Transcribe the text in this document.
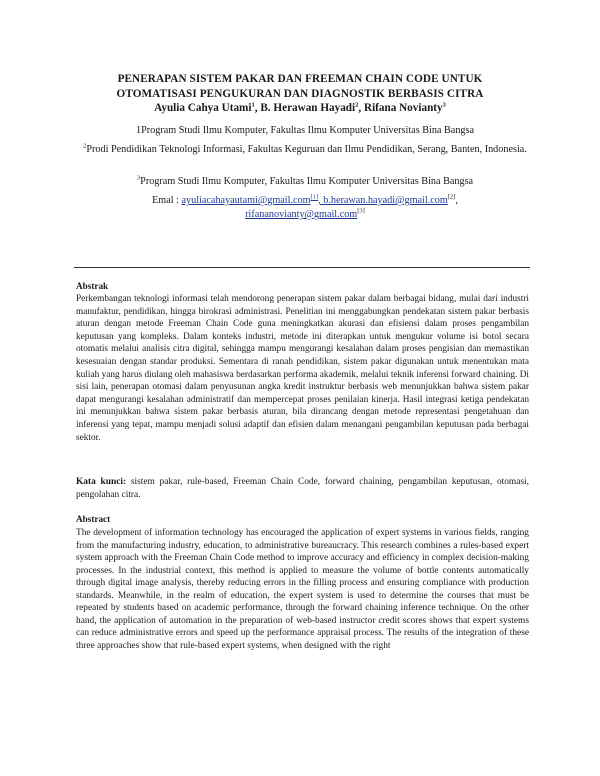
PENERAPAN SISTEM PAKAR DAN FREEMAN CHAIN CODE UNTUK
OTOMATISASI PENGUKURAN DAN DIAGNOSTIK BERBASIS CITRA
Ayulia Cahya Utami$^1$, B. Herawan Hayadi$^2$, Rifana Novianty$^3$
1Program Studi Ilmu Komputer, Fakultas Ilmu Komputer Universitas Bina Bangsa
$^2$Prodi Pendidikan Teknologi Informasi, Fakultas Keguruan dan Ilmu Pendidikan, Serang, Banten, Indonesia.
$^3$Program Studi Ilmu Komputer, Fakultas Ilmu Komputer Universitas Bina Bangsa
Emal : ayuliacahayautami@gmail.com[1], b.herawan.hayadi@gmail.com[2],
rifananovianty@gmail.com[3]
Abstrak
Perkembangan teknologi informasi telah mendorong penerapan sistem pakar dalam berbagai bidang, mulai dari industri manufaktur, pendidikan, hingga birokrasi administrasi. Penelitian ini menggabungkan pendekatan sistem pakar berbasis aturan dengan metode Freeman Chain Code guna meningkatkan akurasi dan efisiensi dalam proses pengambilan keputusan yang kompleks. Dalam konteks industri, metode ini diterapkan untuk mengukur volume isi botol secara otomatis melalui analisis citra digital, sehingga mampu mengurangi kesalahan dalam proses pengisian dan memastikan kesesuaian dengan standar produksi. Sementara di ranah pendidikan, sistem pakar digunakan untuk menentukan mata kuliah yang harus diulang oleh mahasiswa berdasarkan performa akademik, melalui teknik inferensi forward chaining. Di sisi lain, penerapan otomasi dalam penyusunan angka kredit instruktur berbasis web menunjukkan bahwa sistem pakar dapat mengurangi kesalahan administratif dan mempercepat proses penilaian kinerja. Hasil integrasi ketiga pendekatan ini menunjukkan bahwa sistem pakar berbasis aturan, bila dirancang dengan metode representasi pengetahuan dan inferensi yang tepat, mampu menjadi solusi adaptif dan efisien dalam menangani pengambilan keputusan pada berbagai sektor.
Kata kunci: sistem pakar, rule-based, Freeman Chain Code, forward chaining, pengambilan keputusan, otomasi, pengolahan citra.
Abstract
The development of information technology has encouraged the application of expert systems in various fields, ranging from the manufacturing industry, education, to administrative bureaucracy. This research combines a rules-based expert system approach with the Freeman Chain Code method to improve accuracy and efficiency in complex decision-making processes. In the industrial context, this method is applied to measure the volume of bottle contents automatically through digital image analysis, thereby reducing errors in the filling process and ensuring compliance with production standards. Meanwhile, in the realm of education, the expert system is used to determine the courses that must be repeated by students based on academic performance, through the forward chaining inference technique. On the other hand, the application of automation in the preparation of web-based instructor credit scores shows that expert systems can reduce administrative errors and speed up the performance appraisal process. The results of the integration of these three approaches show that rule-based expert systems, when designed with the right
